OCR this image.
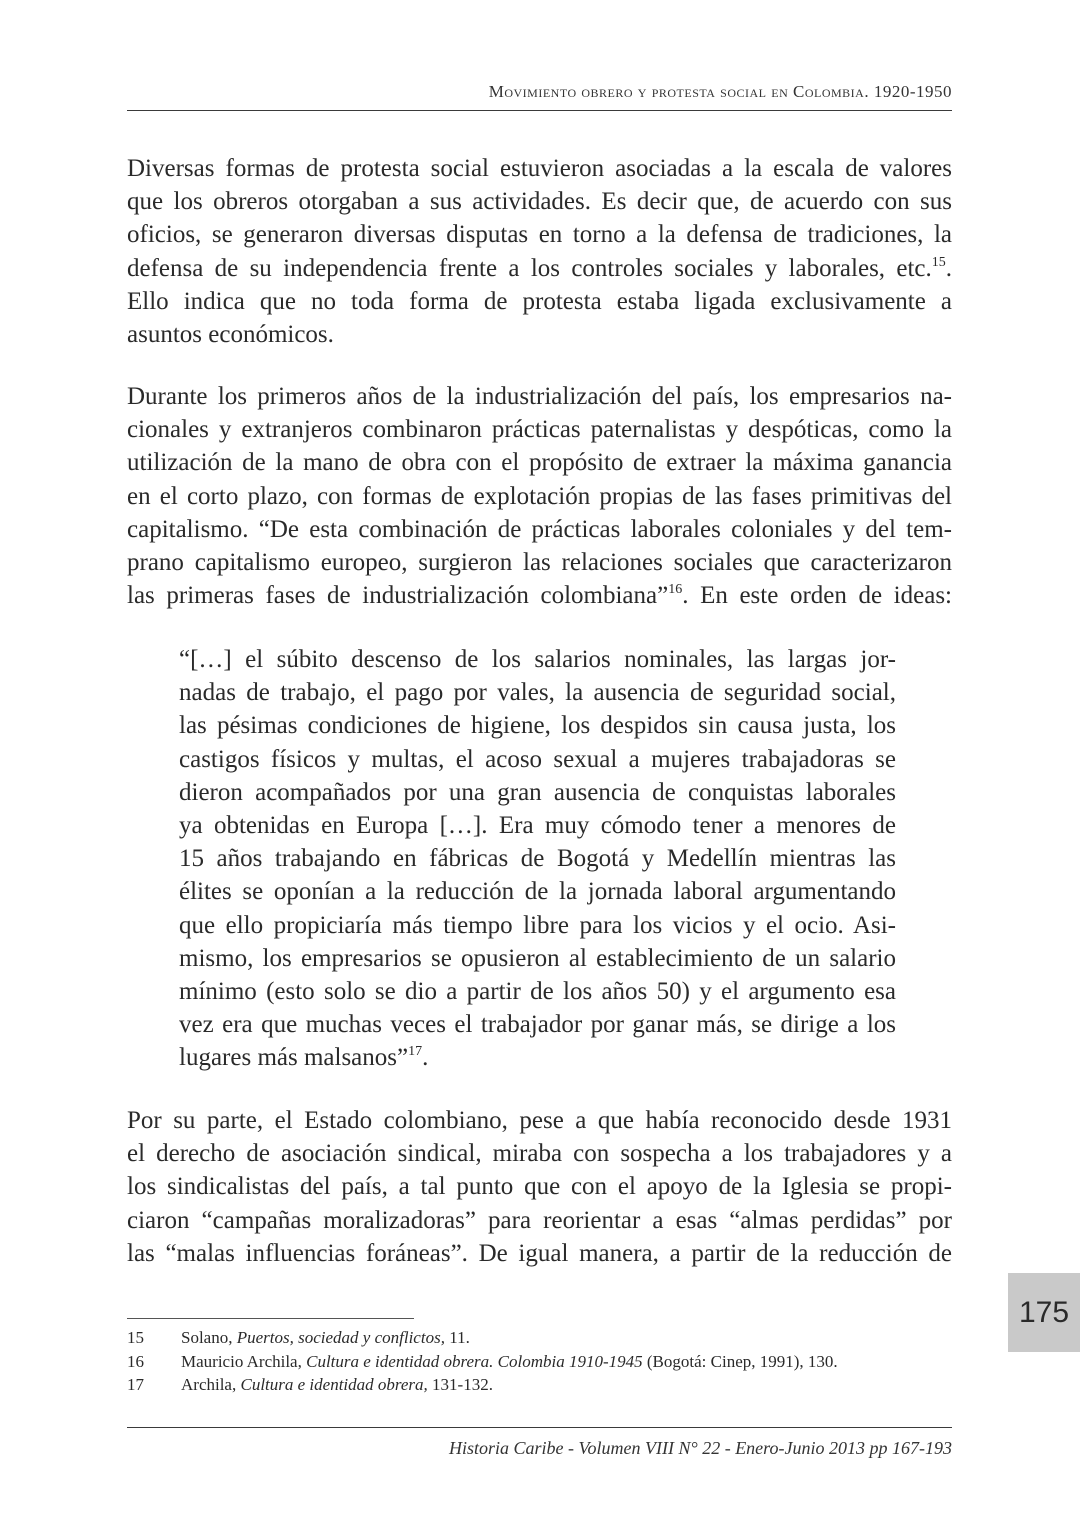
Movimiento obrero y protesta social en Colombia. 1920-1950
Diversas formas de protesta social estuvieron asociadas a la escala de valores
que los obreros otorgaban a sus actividades. Es decir que, de acuerdo con sus
oficios, se generaron diversas disputas en torno a la defensa de tradiciones, la
defensa de su independencia frente a los controles sociales y laborales, etc.$^{15}$.
Ello indica que no toda forma de protesta estaba ligada exclusivamente a
asuntos económicos.
Durante los primeros años de la industrialización del país, los empresarios na-
cionales y extranjeros combinaron prácticas paternalistas y despóticas, como la
utilización de la mano de obra con el propósito de extraer la máxima ganancia
en el corto plazo, con formas de explotación propias de las fases primitivas del
capitalismo. “De esta combinación de prácticas laborales coloniales y del tem-
prano capitalismo europeo, surgieron las relaciones sociales que caracterizaron
las primeras fases de industrialización colombiana”$^{16}$. En este orden de ideas:
“[…] el súbito descenso de los salarios nominales, las largas jor-
nadas de trabajo, el pago por vales, la ausencia de seguridad social,
las pésimas condiciones de higiene, los despidos sin causa justa, los
castigos físicos y multas, el acoso sexual a mujeres trabajadoras se
dieron acompañados por una gran ausencia de conquistas laborales
ya obtenidas en Europa […]. Era muy cómodo tener a menores de
15 años trabajando en fábricas de Bogotá y Medellín mientras las
élites se oponían a la reducción de la jornada laboral argumentando
que ello propiciaría más tiempo libre para los vicios y el ocio. Asi-
mismo, los empresarios se opusieron al establecimiento de un salario
mínimo (esto solo se dio a partir de los años 50) y el argumento esa
vez era que muchas veces el trabajador por ganar más, se dirige a los
lugares más malsanos”$^{17}$.
Por su parte, el Estado colombiano, pese a que había reconocido desde 1931
el derecho de asociación sindical, miraba con sospecha a los trabajadores y a
los sindicalistas del país, a tal punto que con el apoyo de la Iglesia se propi-
ciaron “campañas moralizadoras” para reorientar a esas “almas perdidas” por
las “malas influencias foráneas”. De igual manera, a partir de la reducción de
175
15	Solano, Puertos, sociedad y conflictos, 11.
16	Mauricio Archila, Cultura e identidad obrera. Colombia 1910-1945 (Bogotá: Cinep, 1991), 130.
17	Archila, Cultura e identidad obrera, 131-132.
Historia Caribe - Volumen VIII N° 22 - Enero-Junio 2013 pp 167-193
